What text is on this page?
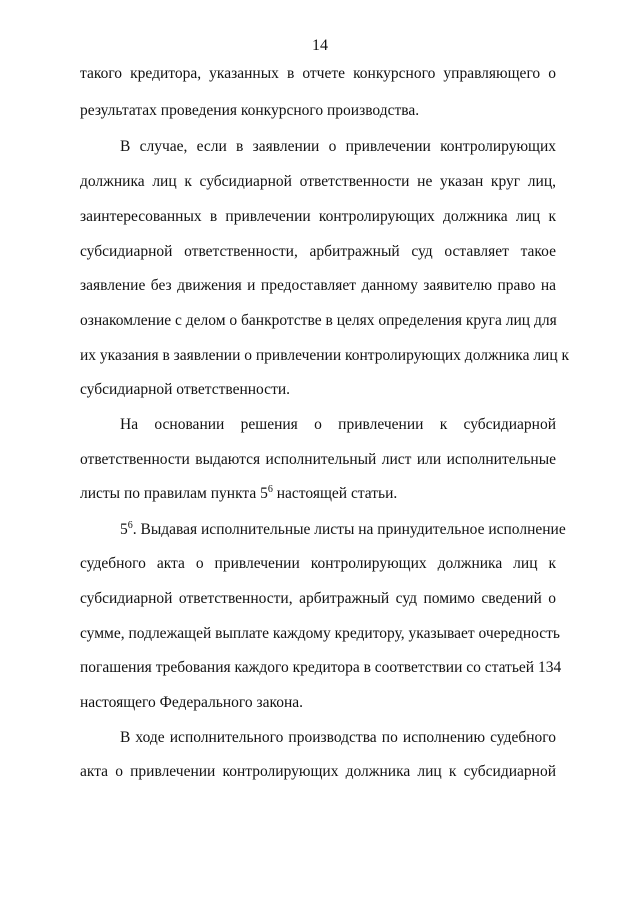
14
такого кредитора, указанных в отчете конкурсного управляющего о
результатах проведения конкурсного производства.
В случае, если в заявлении о привлечении контролирующих
должника лиц к субсидиарной ответственности не указан круг лиц,
заинтересованных в привлечении контролирующих должника лиц к
субсидиарной ответственности, арбитражный суд оставляет такое
заявление без движения и предоставляет данному заявителю право на
ознакомление с делом о банкротстве в целях определения круга лиц для
их указания в заявлении о привлечении контролирующих должника лиц к
субсидиарной ответственности.
На основании решения о привлечении к субсидиарной
ответственности выдаются исполнительный лист или исполнительные
листы по правилам пункта $5^6$ настоящей статьи.
$5^6$. Выдавая исполнительные листы на принудительное исполнение
судебного акта о привлечении контролирующих должника лиц к
субсидиарной ответственности, арбитражный суд помимо сведений о
сумме, подлежащей выплате каждому кредитору, указывает очередность
погашения требования каждого кредитора в соответствии со статьей 134
настоящего Федерального закона.
В ходе исполнительного производства по исполнению судебного
акта о привлечении контролирующих должника лиц к субсидиарной
